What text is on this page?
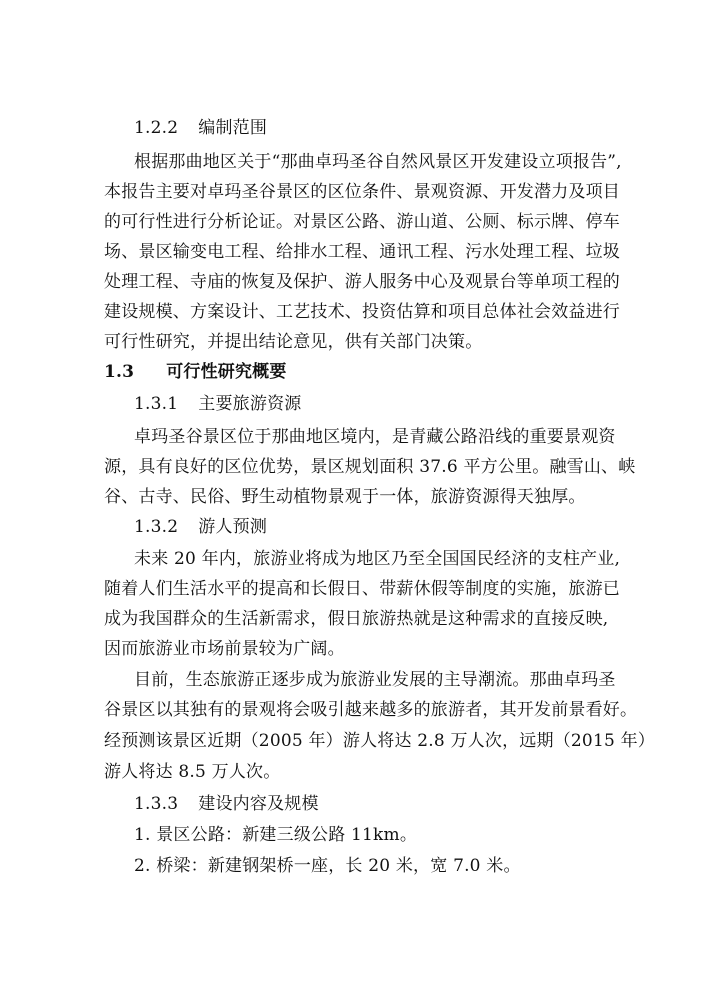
1.2.2 编制范围
根据那曲地区关于“那曲卓玛圣谷自然风景区开发建设立项报告”,
本报告主要对卓玛圣谷景区的区位条件、景观资源、开发潜力及项目
的可行性进行分析论证。对景区公路、游山道、公厕、标示牌、停车
场、景区输变电工程、给排水工程、通讯工程、污水处理工程、垃圾
处理工程、寺庙的恢复及保护、游人服务中心及观景台等单项工程的
建设规模、方案设计、工艺技术、投资估算和项目总体社会效益进行
可行性研究，并提出结论意见，供有关部门决策。
1.3 可行性研究概要
1.3.1 主要旅游资源
卓玛圣谷景区位于那曲地区境内，是青藏公路沿线的重要景观资
源，具有良好的区位优势，景区规划面积 37.6 平方公里。融雪山、峡
谷、古寺、民俗、野生动植物景观于一体，旅游资源得天独厚。
1.3.2 游人预测
未来 20 年内，旅游业将成为地区乃至全国国民经济的支柱产业,
随着人们生活水平的提高和长假日、带薪休假等制度的实施，旅游已
成为我国群众的生活新需求，假日旅游热就是这种需求的直接反映,
因而旅游业市场前景较为广阔。
目前，生态旅游正逐步成为旅游业发展的主导潮流。那曲卓玛圣
谷景区以其独有的景观将会吸引越来越多的旅游者，其开发前景看好。
经预测该景区近期（2005 年）游人将达 2.8 万人次，远期（2015 年）
游人将达 8.5 万人次。
1.3.3 建设内容及规模
1. 景区公路：新建三级公路 11km。
2. 桥梁：新建钢架桥一座，长 20 米，宽 7.0 米。
